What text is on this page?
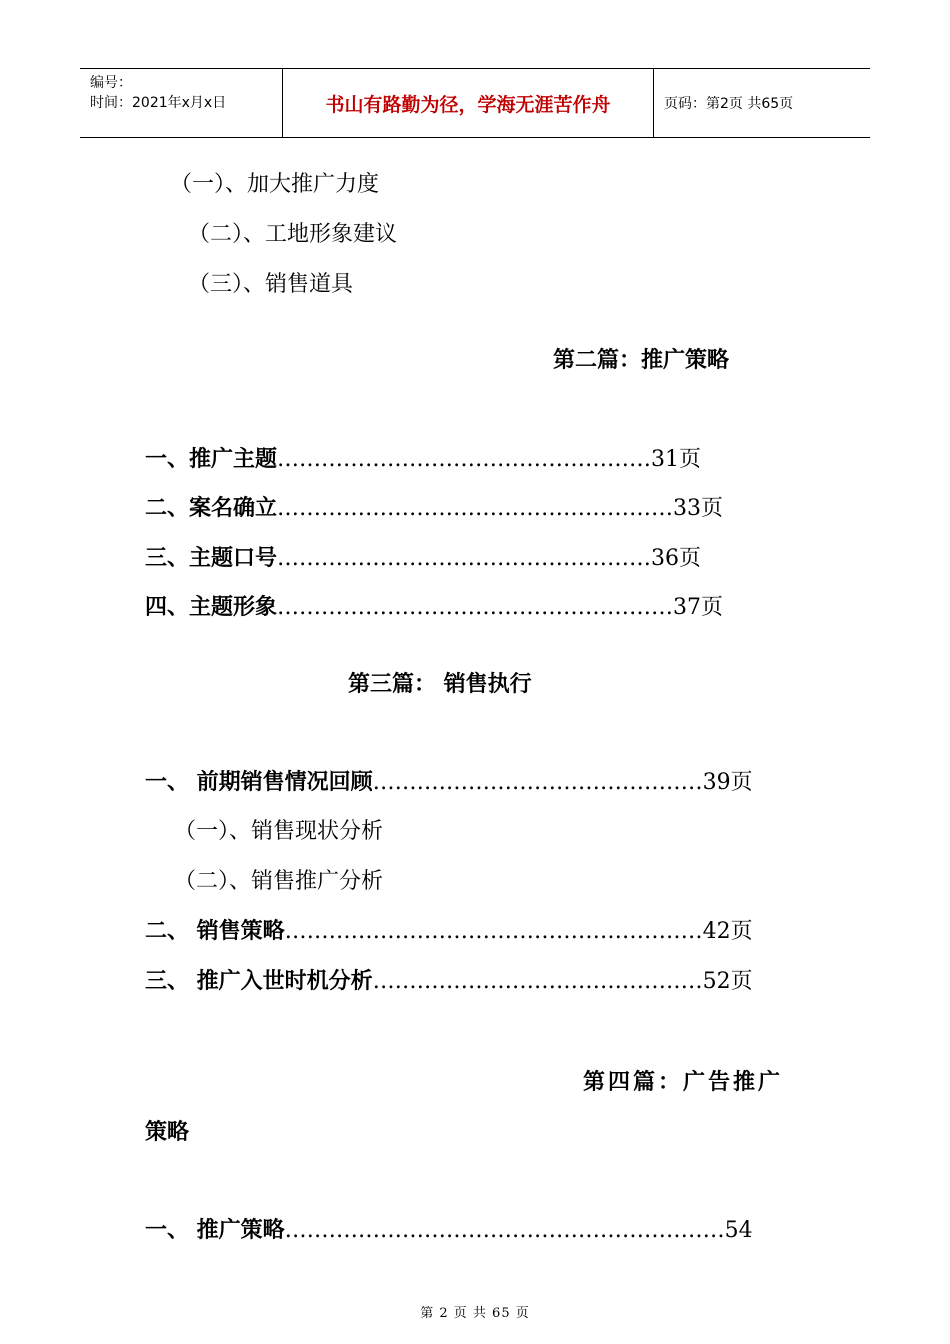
编号：
时间：2021年x月x日	书山有路勤为径，学海无涯苦作舟	页码：第2页 共65页
（一）、加大推广力度
（二）、工地形象建议
（三）、销售道具
第二篇：推广策略
一、推广主题……………………………………………31页
二、案名确立………………………………………………33页
三、主题口号……………………………………………36页
四、主题形象………………………………………………37页
第三篇： 销售执行
一、 前期销售情况回顾………………………………………39页
（一）、销售现状分析
（二）、销售推广分析
二、 销售策略…………………………………………………42页
三、 推广入世时机分析………………………………………52页
第四篇：广告推广
策略
一、 推广策略……………………………………………………54
第 2 页 共 65 页
